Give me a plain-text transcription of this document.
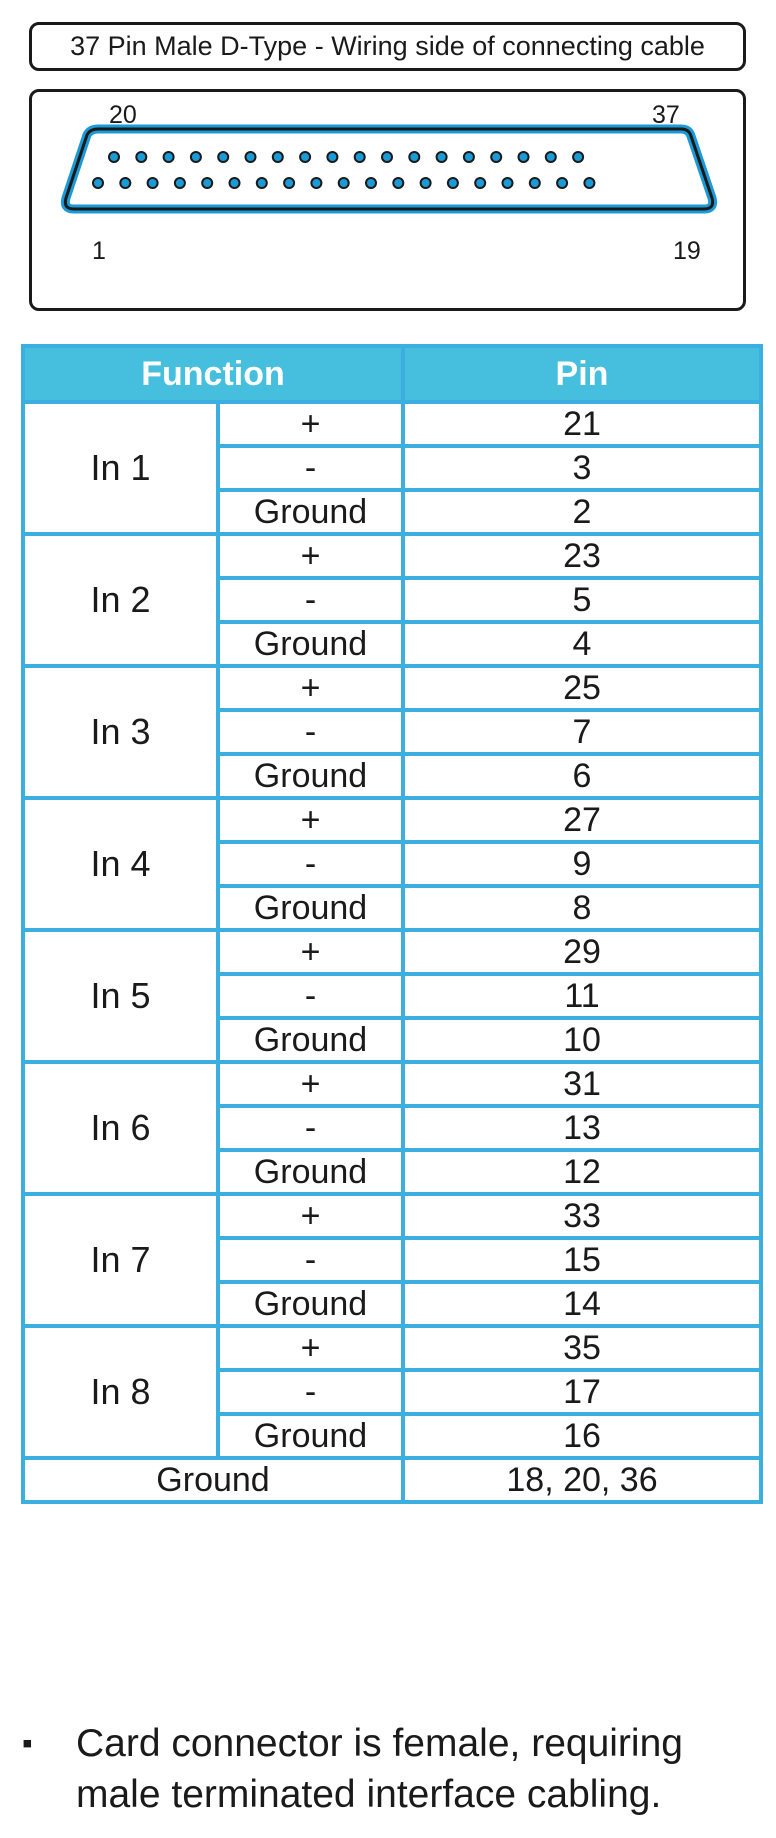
37 Pin Male D-Type - Wiring side of connecting cable
20	37
1	19
Function		Pin
In 1	+	21
	-	3
	Ground	2
In 2	+	23
	-	5
	Ground	4
In 3	+	25
	-	7
	Ground	6
In 4	+	27
	-	9
	Ground	8
In 5	+	29
	-	11
	Ground	10
In 6	+	31
	-	13
	Ground	12
In 7	+	33
	-	15
	Ground	14
In 8	+	35
	-	17
	Ground	16
Ground		18, 20, 36
▪ Card connector is female, requiring male terminated interface cabling.
